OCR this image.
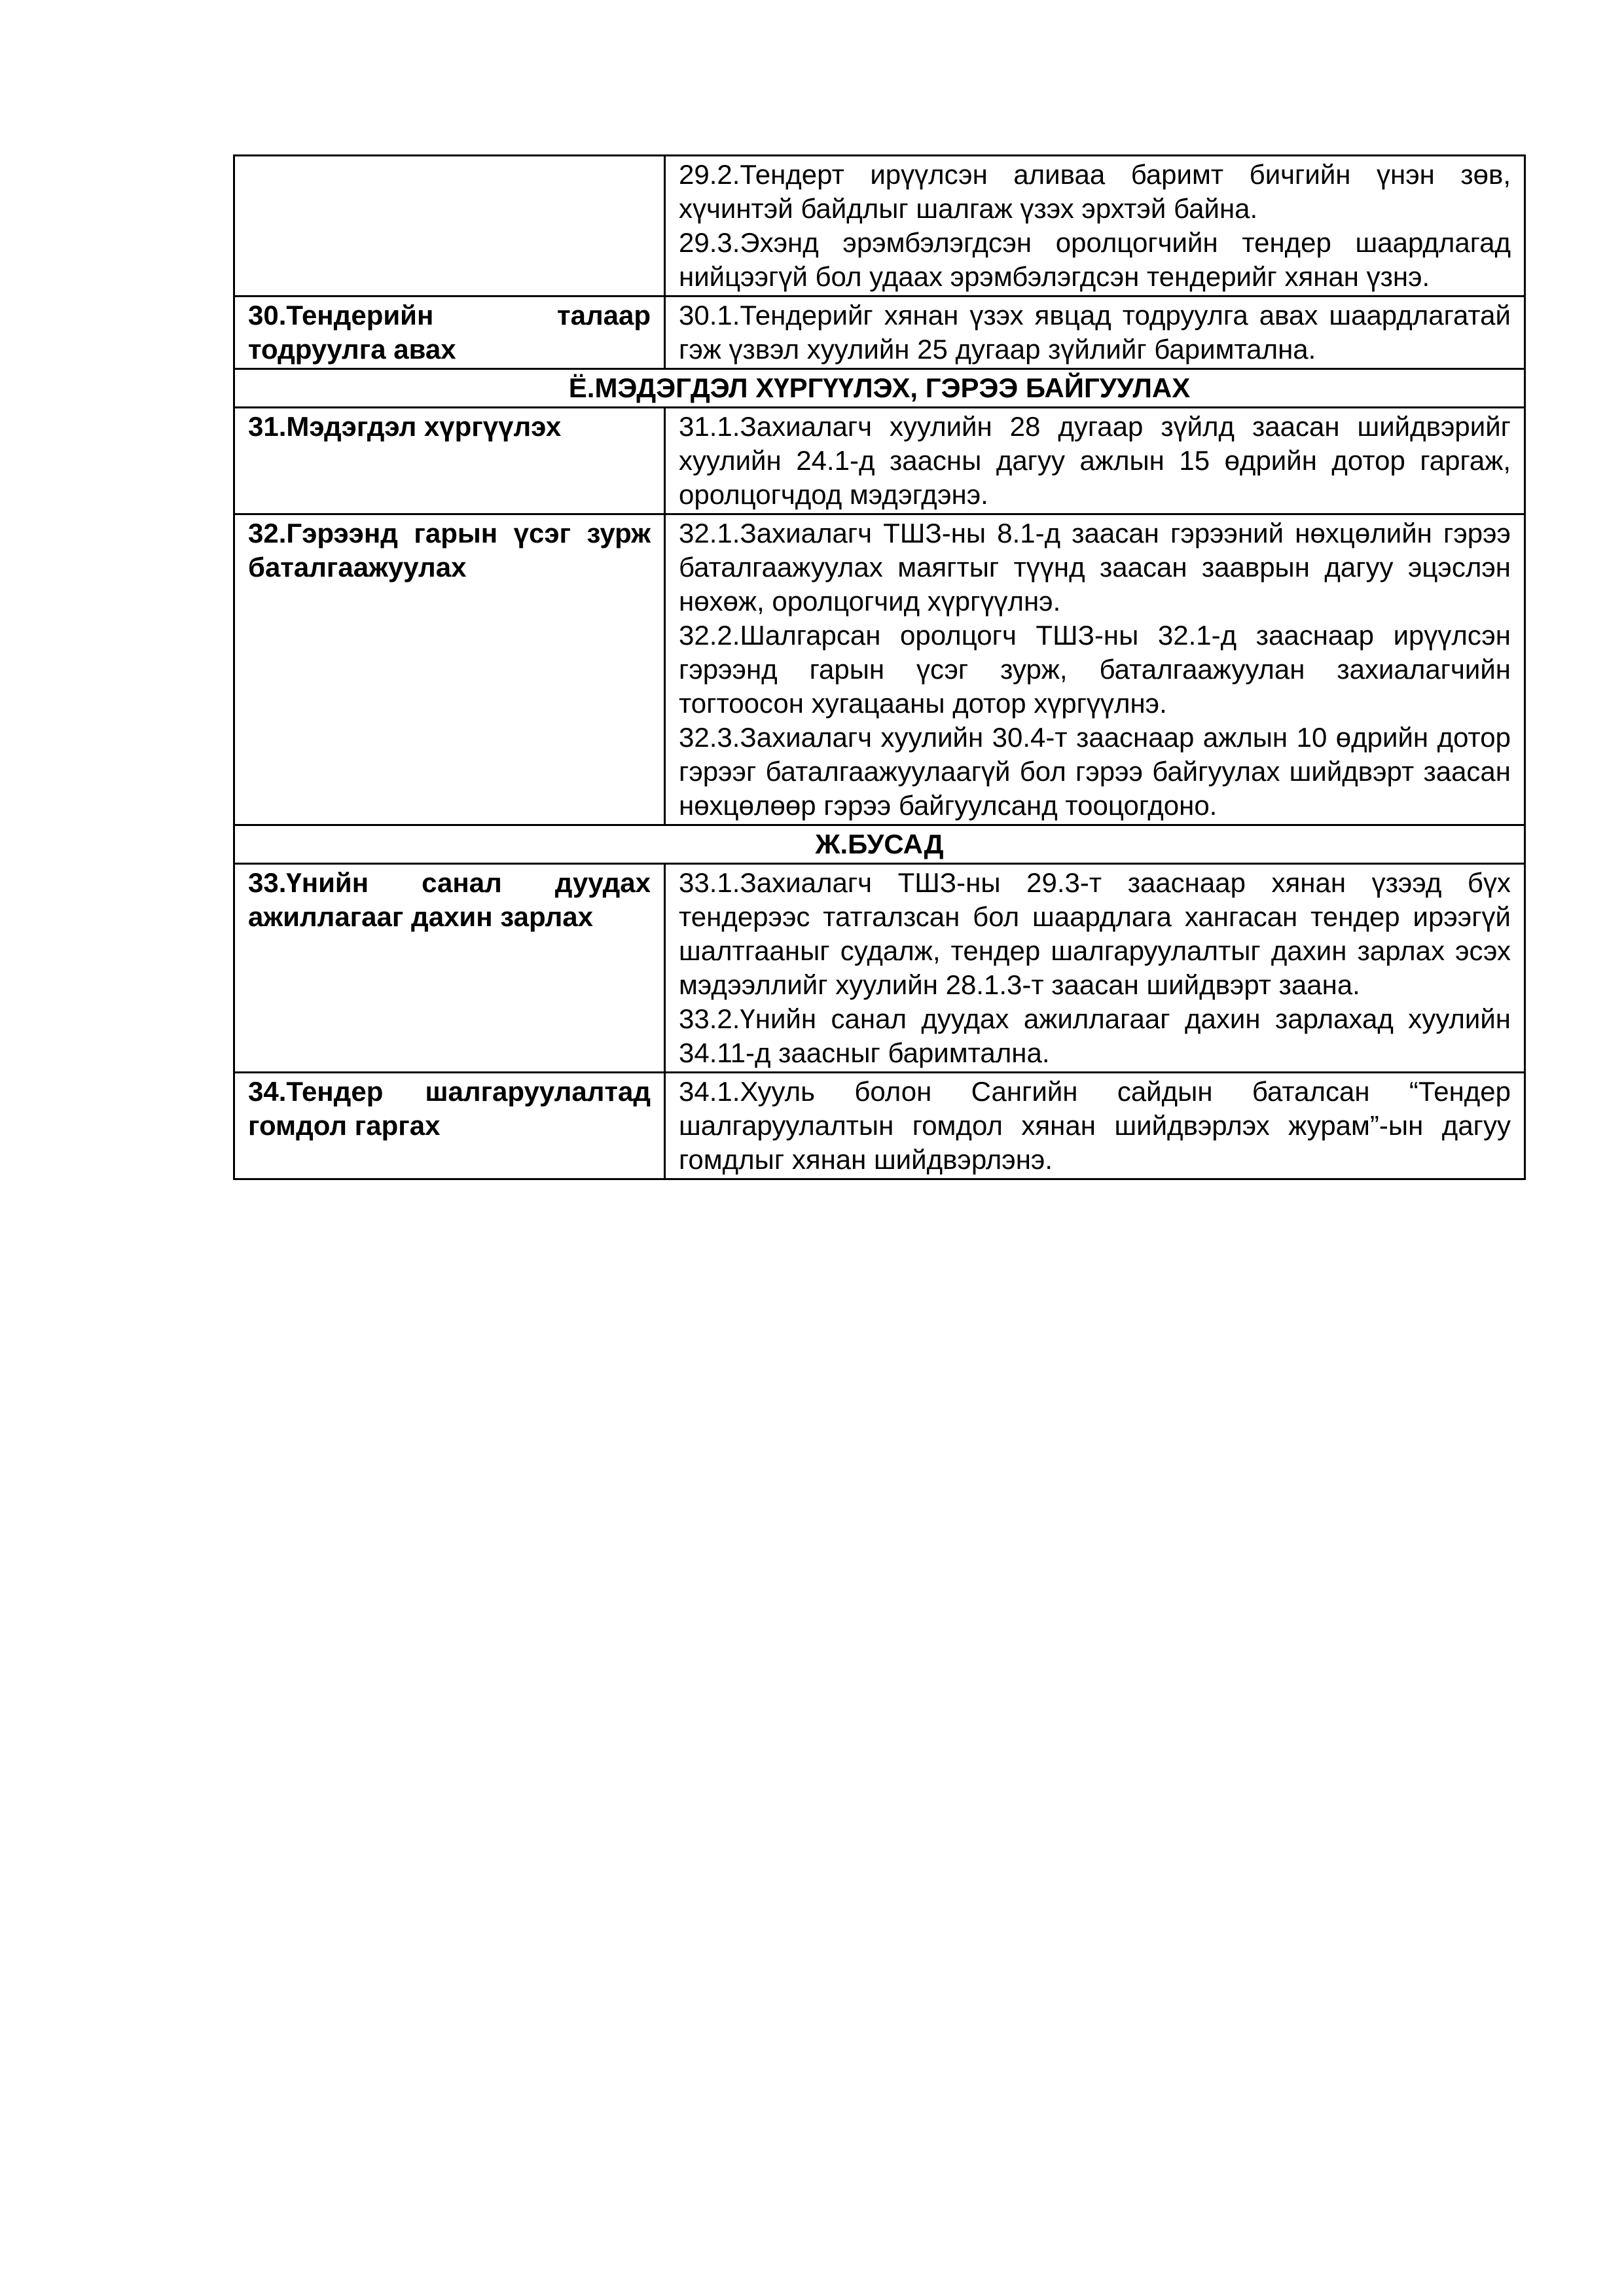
	29.2.Тендерт ирүүлсэн аливаа баримт бичгийн үнэн зөв, хүчинтэй байдлыг шалгаж үзэх эрхтэй байна.
29.3.Эхэнд эрэмбэлэгдсэн оролцогчийн тендер шаардлагад нийцээгүй бол удаах эрэмбэлэгдсэн тендерийг хянан үзнэ.

30.Тендерийн талаар тодруулга авах	30.1.Тендерийг хянан үзэх явцад тодруулга авах шаардлагатай гэж үзвэл хуулийн 25 дугаар зүйлийг баримтална.

Ё.МЭДЭГДЭЛ ХҮРГҮҮЛЭХ, ГЭРЭЭ БАЙГУУЛАХ	
31.Мэдэгдэл хүргүүлэх	31.1.Захиалагч хуулийн 28 дугаар зүйлд заасан шийдвэрийг хуулийн 24.1-д заасны дагуу ажлын 15 өдрийн дотор гаргаж, оролцогчдод мэдэгдэнэ.

32.Гэрээнд гарын үсэг зурж баталгаажуулах	32.1.Захиалагч ТШЗ-ны 8.1-д заасан гэрээний нөхцөлийн гэрээ баталгаажуулах маягтыг түүнд заасан зааврын дагуу эцэслэн нөхөж, оролцогчид хүргүүлнэ.
32.2.Шалгарсан оролцогч ТШЗ-ны 32.1-д зааснаар ирүүлсэн гэрээнд гарын үсэг зурж, баталгаажуулан захиалагчийн тогтоосон хугацааны дотор хүргүүлнэ.
32.3.Захиалагч хуулийн 30.4-т зааснаар ажлын 10 өдрийн дотор гэрээг баталгаажуулаагүй бол гэрээ байгуулах шийдвэрт заасан нөхцөлөөр гэрээ байгуулсанд тооцогдоно.

Ж.БУСАД	
33.Үнийн санал дуудах ажиллагааг дахин зарлах	33.1.Захиалагч ТШЗ-ны 29.3-т зааснаар хянан үзээд бүх тендерээс татгалзсан бол шаардлага хангасан тендер ирээгүй шалтгааныг судалж, тендер шалгаруулалтыг дахин зарлах эсэх мэдээллийг хуулийн 28.1.3-т заасан шийдвэрт заана.
33.2.Үнийн санал дуудах ажиллагааг дахин зарлахад хуулийн 34.11-д заасныг баримтална.

34.Тендер шалгаруулалтад гомдол гаргах	34.1.Хууль болон Сангийн сайдын баталсан “Тендер шалгаруулалтын гомдол хянан шийдвэрлэх журам”-ын дагуу гомдлыг хянан шийдвэрлэнэ.
